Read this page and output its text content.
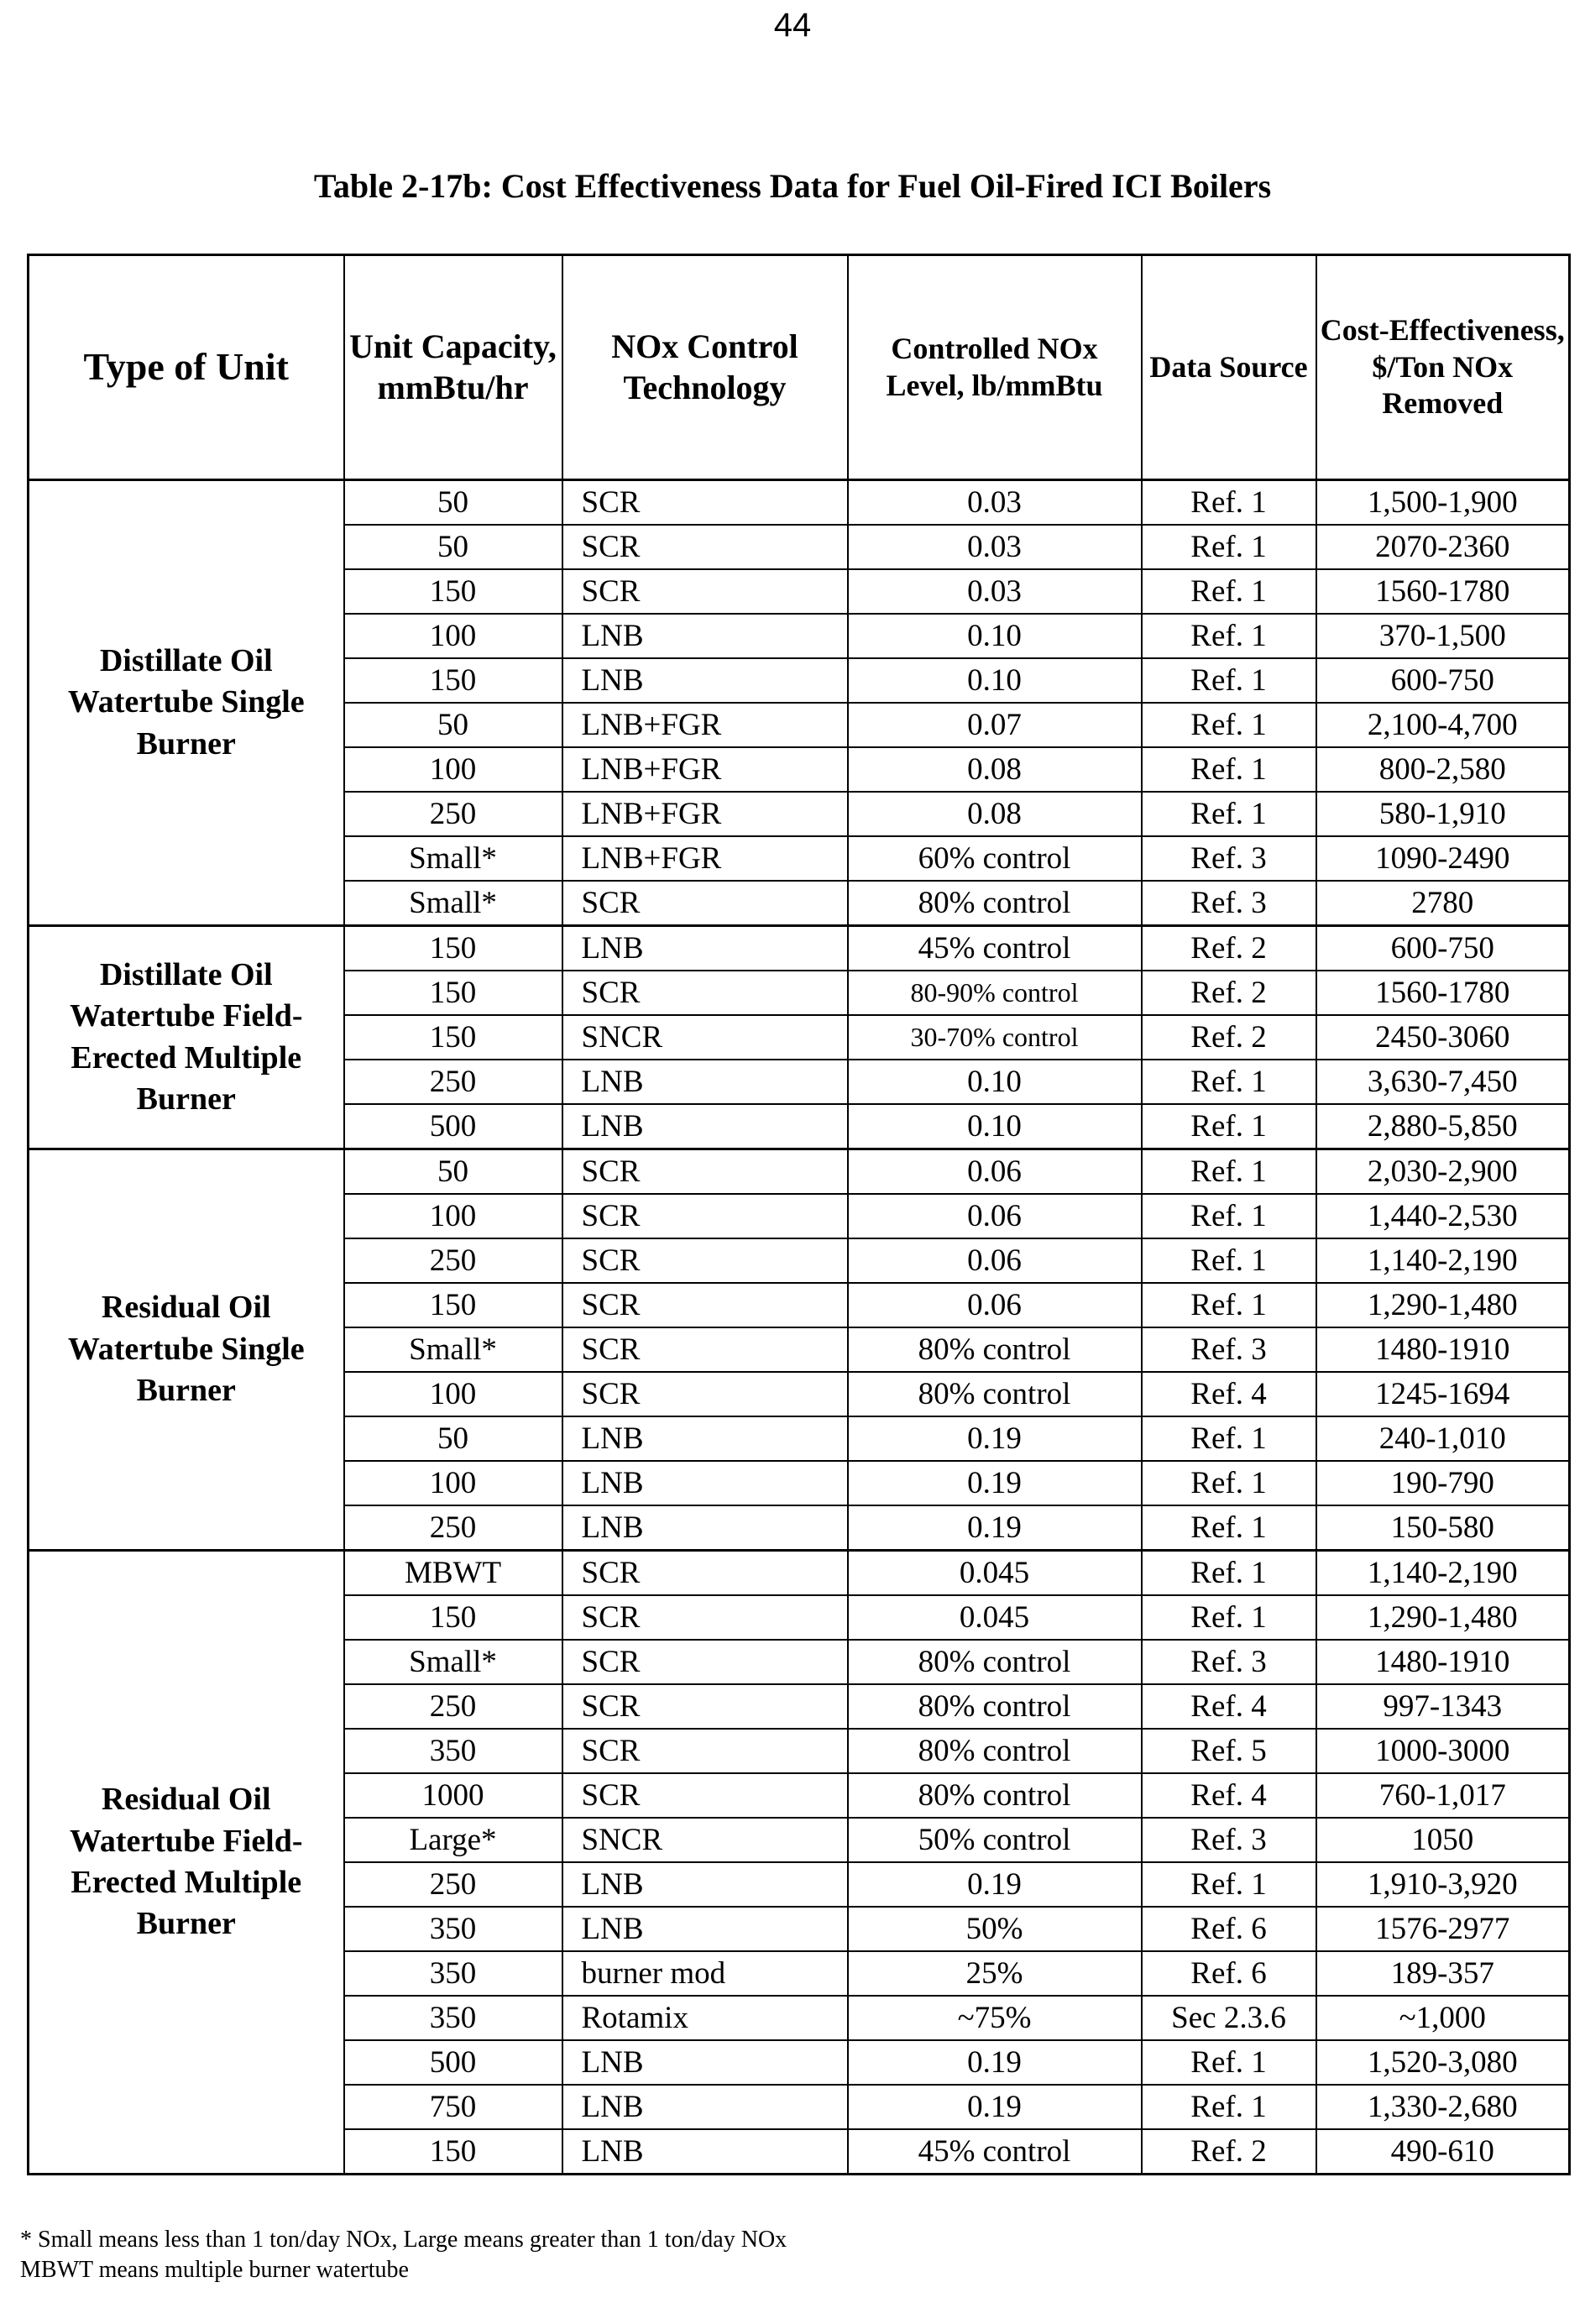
44
Table 2-17b: Cost Effectiveness Data for Fuel Oil-Fired ICI Boilers
Type of Unit	Unit Capacity, mmBtu/hr	NOx Control Technology	Controlled NOx Level, lb/mmBtu	Data Source	Cost-Effectiveness, $/Ton NOx Removed
Distillate Oil Watertube Single Burner	50	SCR	0.03	Ref. 1	1,500-1,900
	50	SCR	0.03	Ref. 1	2070-2360
	150	SCR	0.03	Ref. 1	1560-1780
	100	LNB	0.10	Ref. 1	370-1,500
	150	LNB	0.10	Ref. 1	600-750
	50	LNB+FGR	0.07	Ref. 1	2,100-4,700
	100	LNB+FGR	0.08	Ref. 1	800-2,580
	250	LNB+FGR	0.08	Ref. 1	580-1,910
	Small*	LNB+FGR	60% control	Ref. 3	1090-2490
	Small*	SCR	80% control	Ref. 3	2780
Distillate Oil Watertube Field-Erected Multiple Burner	150	LNB	45% control	Ref. 2	600-750
	150	SCR	80-90% control	Ref. 2	1560-1780
	150	SNCR	30-70% control	Ref. 2	2450-3060
	250	LNB	0.10	Ref. 1	3,630-7,450
	500	LNB	0.10	Ref. 1	2,880-5,850
Residual Oil Watertube Single Burner	50	SCR	0.06	Ref. 1	2,030-2,900
	100	SCR	0.06	Ref. 1	1,440-2,530
	250	SCR	0.06	Ref. 1	1,140-2,190
	150	SCR	0.06	Ref. 1	1,290-1,480
	Small*	SCR	80% control	Ref. 3	1480-1910
	100	SCR	80% control	Ref. 4	1245-1694
	50	LNB	0.19	Ref. 1	240-1,010
	100	LNB	0.19	Ref. 1	190-790
	250	LNB	0.19	Ref. 1	150-580
Residual Oil Watertube Field-Erected Multiple Burner	MBWT	SCR	0.045	Ref. 1	1,140-2,190
	150	SCR	0.045	Ref. 1	1,290-1,480
	Small*	SCR	80% control	Ref. 3	1480-1910
	250	SCR	80% control	Ref. 4	997-1343
	350	SCR	80% control	Ref. 5	1000-3000
	1000	SCR	80% control	Ref. 4	760-1,017
	Large*	SNCR	50% control	Ref. 3	1050
	250	LNB	0.19	Ref. 1	1,910-3,920
	350	LNB	50%	Ref. 6	1576-2977
	350	burner mod	25%	Ref. 6	189-357
	350	Rotamix	~75%	Sec 2.3.6	~1,000
	500	LNB	0.19	Ref. 1	1,520-3,080
	750	LNB	0.19	Ref. 1	1,330-2,680
	150	LNB	45% control	Ref. 2	490-610
* Small means less than 1 ton/day NOx, Large means greater than 1 ton/day NOx
MBWT means multiple burner watertube
